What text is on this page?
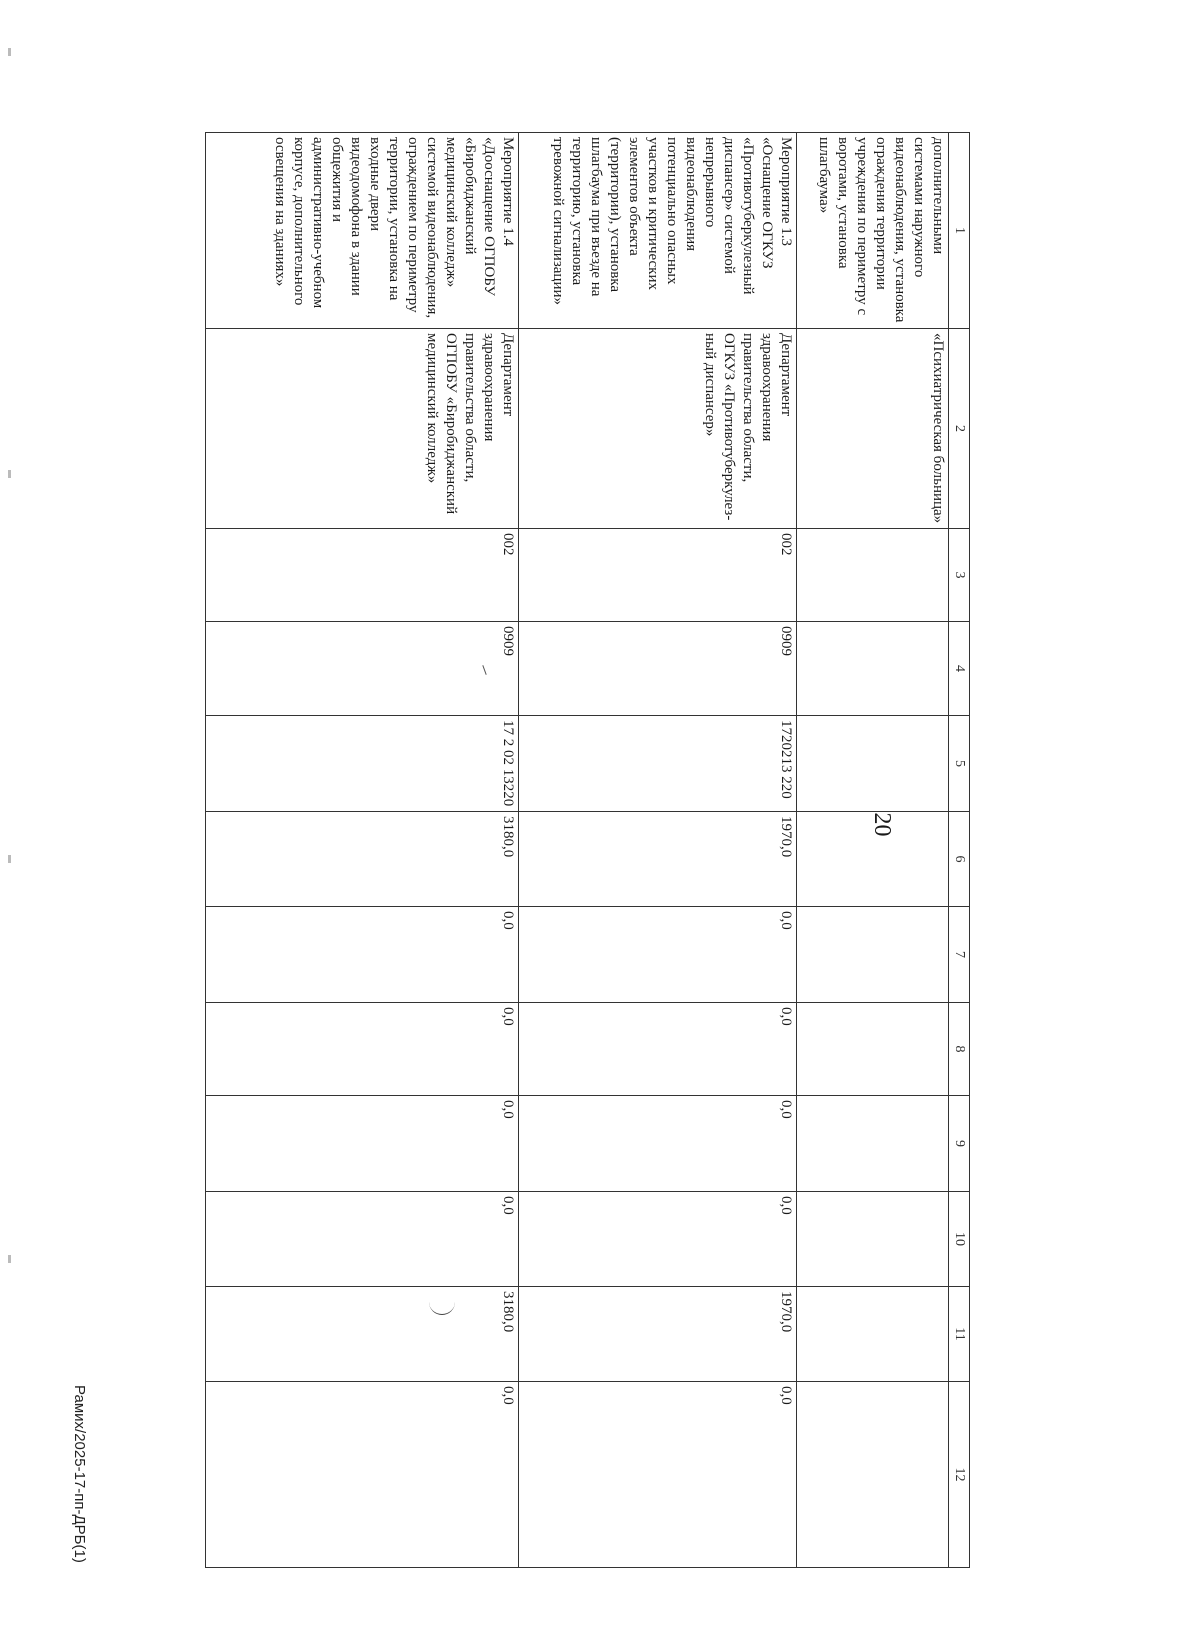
20
1	2	3	4	5	6	7	8	9	10	11	12
дополнительными системами наружного видеонаблюдения, установка ограждения территории учреждения по периметру с воротами, установка шлагбаума»	«Психиатрическая больница»										
Мероприятие 1.3 «Оснащение ОГКУЗ «Противотуберкулезный диспансер» системой непрерывного видеонаблюдения потенциально опасных участков и критических элементов объекта (территории), установка шлагбаума при въезде на территорию, установка тревожной сигнализации»	Департамент здравоохранения правительства области, ОГКУЗ «Противотуберкулез-ный диспансер»	002	0909	1720213 220	1970,0	0,0	0,0	0,0	0,0	1970,0	0,0
Мероприятие 1.4 «Дооснащение ОГПОБУ «Биробиджанский медицинский колледж» системой видеонаблюдения, ограждением по периметру территории, установка на входные двери видеодомофона в здании общежития и административно-учебном корпусе, дополнительного освещения на зданиях»	Департамент здравоохранения правительства области, ОГПОБУ «Биробиджанский медицинский колледж»	002	0909	17 2 02 13220	3180,0	0,0	0,0	0,0	0,0	3180,0	0,0
Рамих/2025-17-пп-ДРБ(1)
